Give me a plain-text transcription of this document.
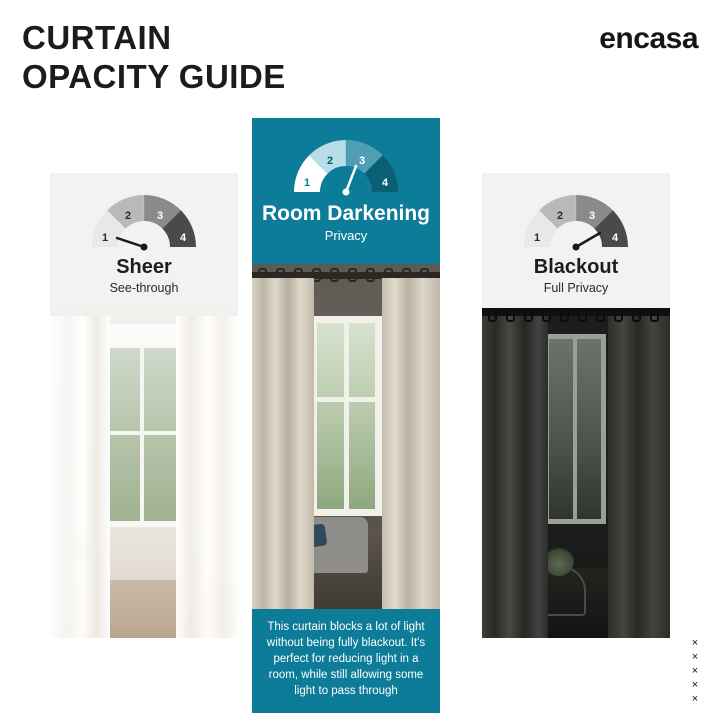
CURTAIN
OPACITY GUIDE
encasa
1
2 3
4
Sheer
See-through
1
2 3
4
Room Darkening
Privacy
This curtain blocks a lot of light without being fully blackout. It's perfect for reducing light in a room, while still allowing some light to pass through
1
2 3
4
Blackout
Full Privacy
×
×
×
×
×
